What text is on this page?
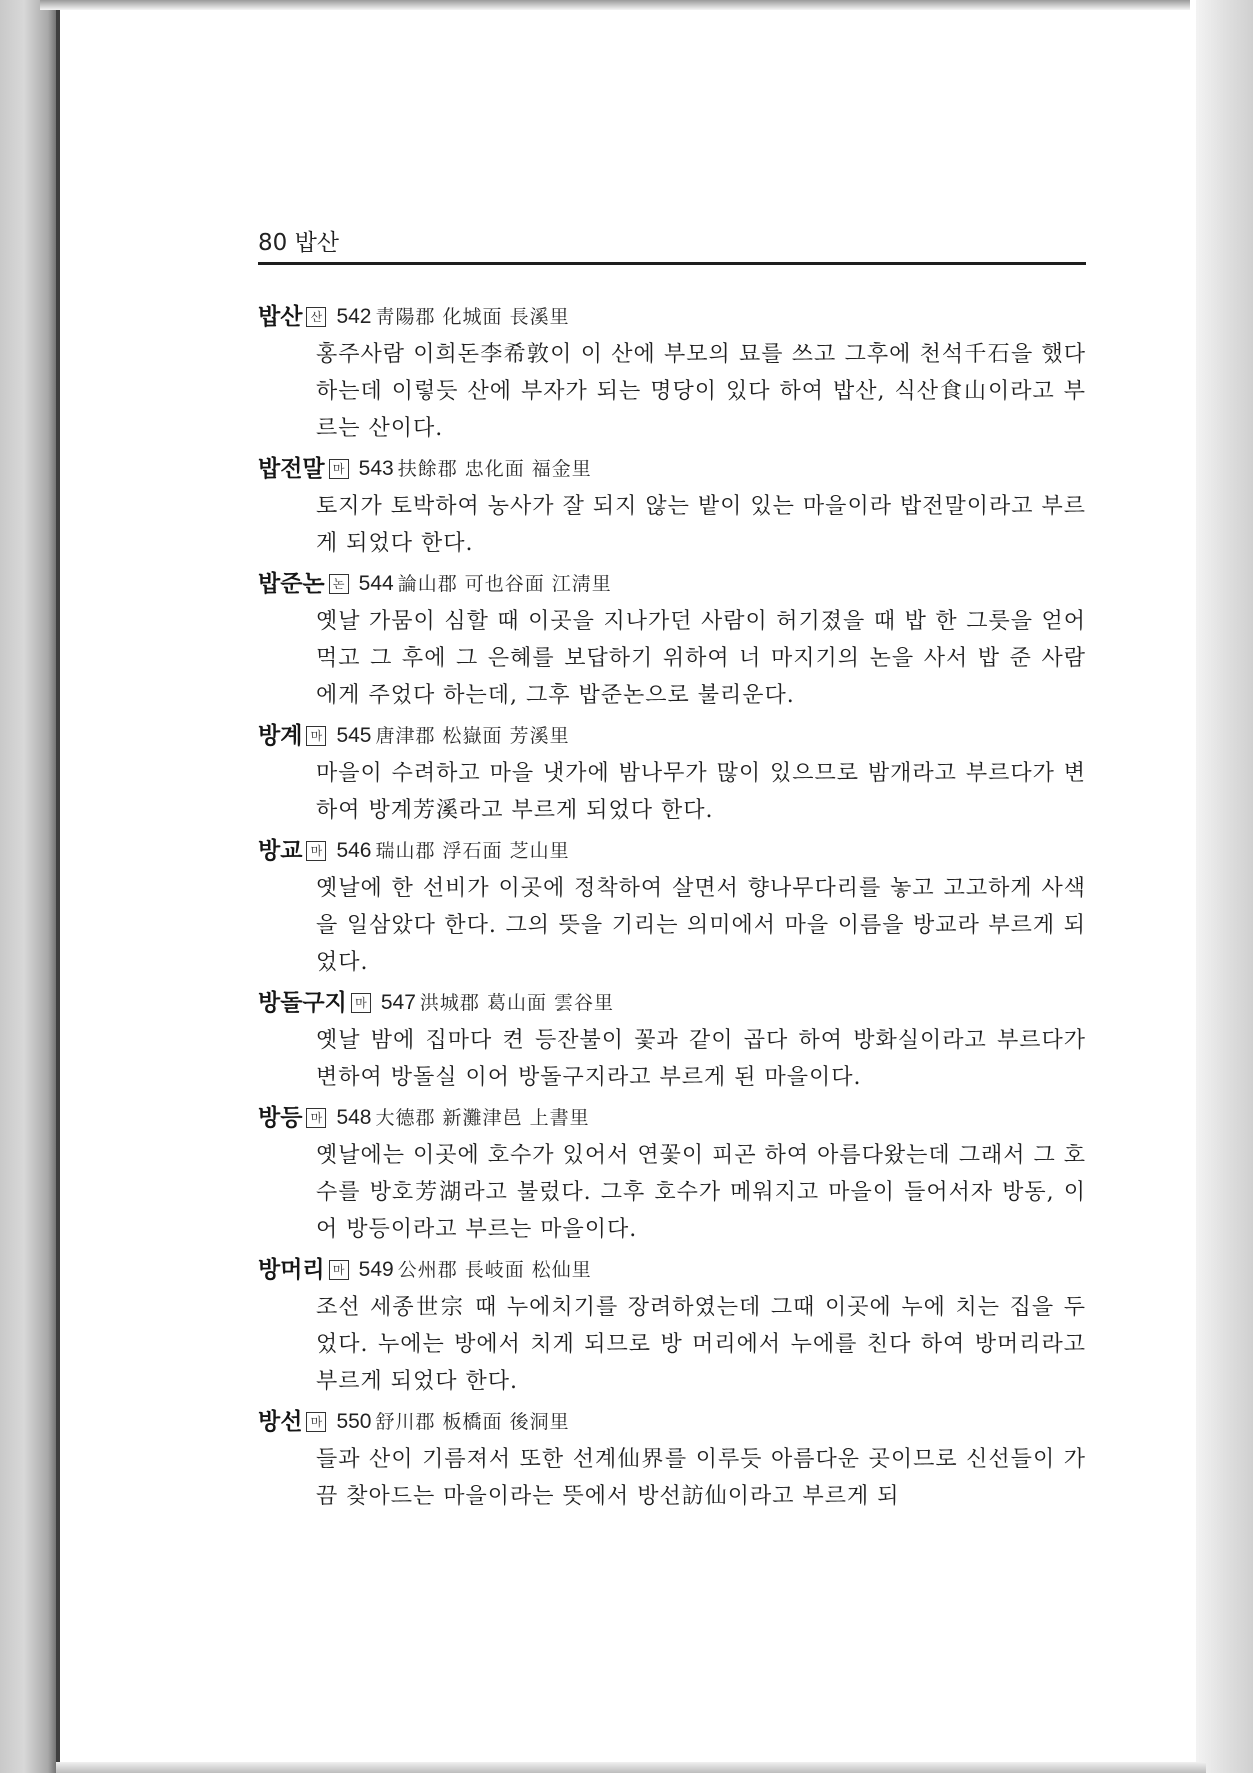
80 밥산
밥산 산 542 靑陽郡 化城面 長溪里
홍주사람 이희돈李希敦이 이 산에 부모의 묘를 쓰고 그후에 천석千石을 했다 하는데 이렇듯 산에 부자가 되는 명당이 있다 하여 밥산, 식산食山이라고 부르는 산이다.
밥전말 마 543 扶餘郡 忠化面 福金里
토지가 토박하여 농사가 잘 되지 않는 밭이 있는 마을이라 밥전말이라고 부르게 되었다 한다.
밥준논 논 544 論山郡 可也谷面 江淸里
옛날 가뭄이 심할 때 이곳을 지나가던 사람이 허기졌을 때 밥 한 그릇을 얻어 먹고 그 후에 그 은혜를 보답하기 위하여 너 마지기의 논을 사서 밥 준 사람에게 주었다 하는데, 그후 밥준논으로 불리운다.
방계 마 545 唐津郡 松嶽面 芳溪里
마을이 수려하고 마을 냇가에 밤나무가 많이 있으므로 밤개라고 부르다가 변하여 방계芳溪라고 부르게 되었다 한다.
방교 마 546 瑞山郡 浮石面 芝山里
옛날에 한 선비가 이곳에 정착하여 살면서 향나무다리를 놓고 고고하게 사색을 일삼았다 한다. 그의 뜻을 기리는 의미에서 마을 이름을 방교라 부르게 되었다.
방돌구지 마 547 洪城郡 葛山面 雲谷里
옛날 밤에 집마다 켠 등잔불이 꽃과 같이 곱다 하여 방화실이라고 부르다가 변하여 방돌실 이어 방돌구지라고 부르게 된 마을이다.
방등 마 548 大德郡 新灘津邑 上書里
옛날에는 이곳에 호수가 있어서 연꽃이 피곤 하여 아름다왔는데 그래서 그 호수를 방호芳湖라고 불렀다. 그후 호수가 메워지고 마을이 들어서자 방동, 이어 방등이라고 부르는 마을이다.
방머리 마 549 公州郡 長岐面 松仙里
조선 세종世宗 때 누에치기를 장려하였는데 그때 이곳에 누에 치는 집을 두었다. 누에는 방에서 치게 되므로 방 머리에서 누에를 친다 하여 방머리라고 부르게 되었다 한다.
방선 마 550 舒川郡 板橋面 後洞里
들과 산이 기름져서 또한 선계仙界를 이루듯 아름다운 곳이므로 신선들이 가끔 찾아드는 마을이라는 뜻에서 방선訪仙이라고 부르게 되
